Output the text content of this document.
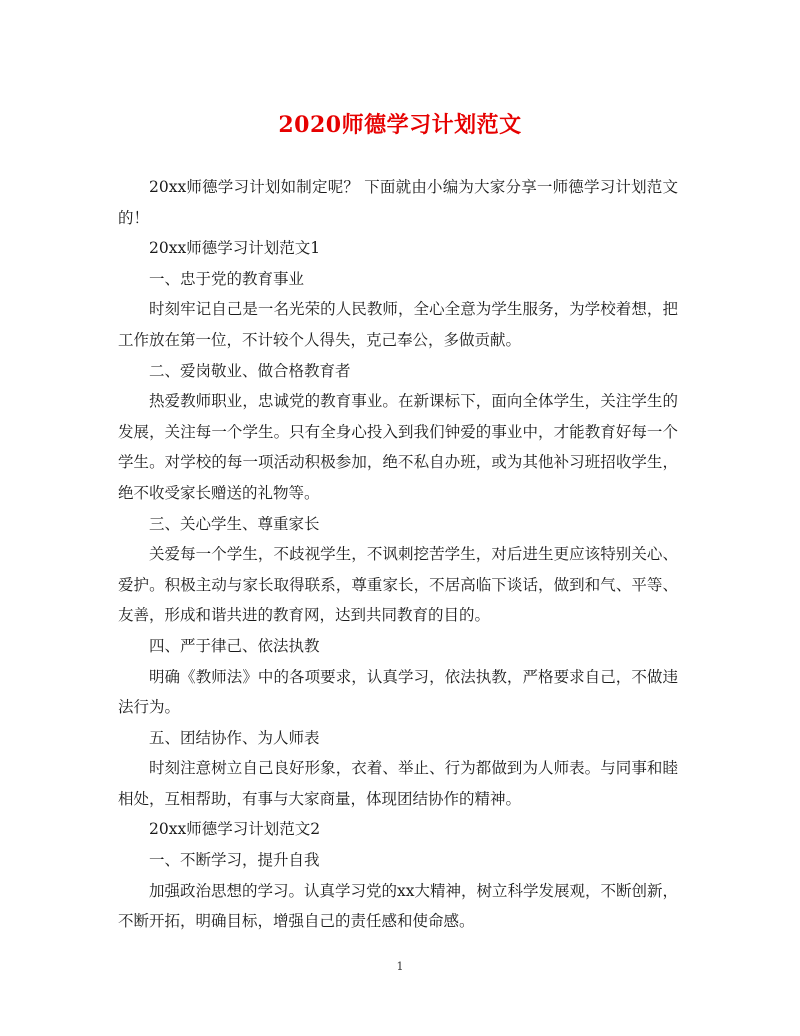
2020师德学习计划范文

20xx师德学习计划如制定呢？ 下面就由小编为大家分享一师德学习计划范文的！

20xx师德学习计划范文1

一、忠于党的教育事业

时刻牢记自己是一名光荣的人民教师，全心全意为学生服务，为学校着想，把工作放在第一位，不计较个人得失，克己奉公，多做贡献。

二、爱岗敬业、做合格教育者

热爱教师职业，忠诚党的教育事业。在新课标下，面向全体学生，关注学生的发展，关注每一个学生。只有全身心投入到我们钟爱的事业中，才能教育好每一个学生。对学校的每一项活动积极参加，绝不私自办班，或为其他补习班招收学生，绝不收受家长赠送的礼物等。

三、关心学生、尊重家长

关爱每一个学生，不歧视学生，不讽刺挖苦学生，对后进生更应该特别关心、爱护。积极主动与家长取得联系，尊重家长，不居高临下谈话，做到和气、平等、友善，形成和谐共进的教育网，达到共同教育的目的。

四、严于律己、依法执教

明确《教师法》中的各项要求，认真学习，依法执教，严格要求自己，不做违法行为。

五、团结协作、为人师表

时刻注意树立自己良好形象，衣着、举止、行为都做到为人师表。与同事和睦相处，互相帮助，有事与大家商量，体现团结协作的精神。

20xx师德学习计划范文2

一、不断学习，提升自我

加强政治思想的学习。认真学习党的xx大精神，树立科学发展观，不断创新，不断开拓，明确目标，增强自己的责任感和使命感。

1
